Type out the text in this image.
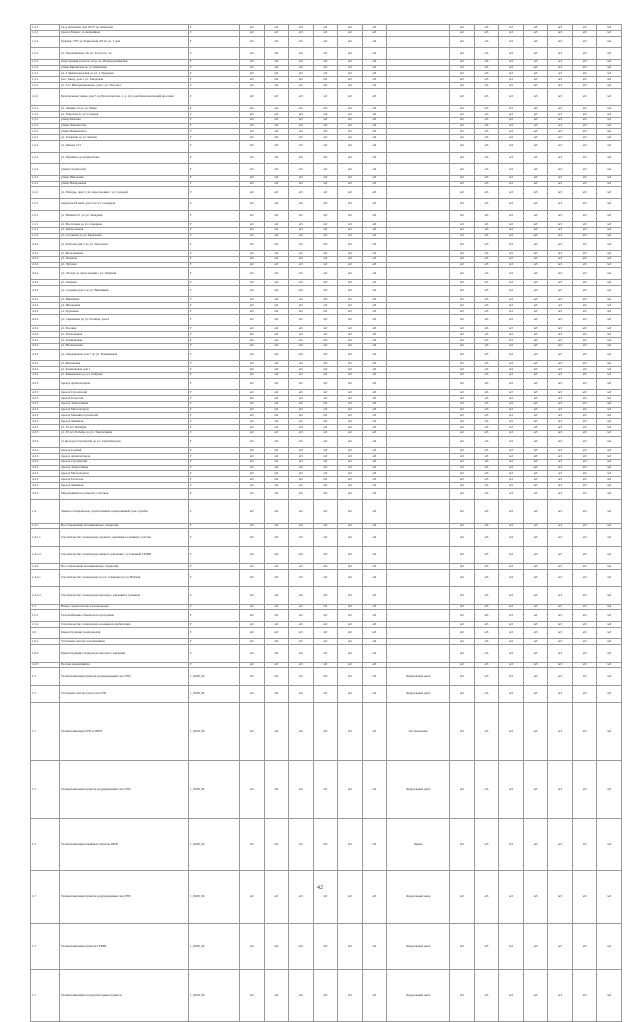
1.2.1	пр-д Антипова дом 18/37 до Анапская	Г	м3	м3	м3	м3	м3	м3		м3	м3	м3	м3	м3	м3	м3
1.2.1	проезд Бизнес до Аварийная	Г	м3	м3	м3	м3	м3	м3		м3	м3	м3	м3	м3	м3	м3
1.2.1	бульвар 1787 до Тормозной 2/8 по ул. 3 дом	Г	м3	м3	м3	м3	м3	м3		м3	м3	м3	м3	м3	м3	м3
1.2.1	ул. Хорошёвская, 40, ул. Толстого, 12	Г	м3	м3	м3	м3	м3	м3		м3	м3	м3	м3	м3	м3	м3
1.2.1	кадастровый участок 14 до ул. Новохорошёвская	Г	м3	м3	м3	м3	м3	м3		м3	м3	м3	м3	м3	м3	м3
1.2.1	улица Кировская до ул. Шевченко	Г	м3	м3	м3	м3	м3	м3		м3	м3	м3	м3	м3	м3	м3
1.2.1	ул. 3 Звенигородская до ул. 4 Трудовая	Г	м3	м3	м3	м3	м3	м3		м3	м3	м3	м3	м3	м3	м3
1.2.1	пос. Завод, дом 1 ул. Заводская	Г	м3	м3	м3	м3	м3	м3		м3	м3	м3	м3	м3	м3	м3
1.2.1	ул. 3-го Интернационала, дом 1 ул. Толстого	Г	м3	м3	м3	м3	м3	м3		м3	м3	м3	м3	м3	м3	м3
1.2.1	Центральная улица, дом 3 до Пролетарская, 1, д. 4/4, дом Комсомольский проспект	Г	м3	м3	м3	м3	м3	м3		м3	м3	м3	м3	м3	м3	м3
1.2.1	ул. Ленина 12 до ул. Мира	Г	м3	м3	м3	м3	м3	м3		м3	м3	м3	м3	м3	м3	м3
1.2.1	ул. Тверская до ул. Садовая	Г	м3	м3	м3	м3	м3	м3		м3	м3	м3	м3	м3	м3	м3
1.2.1	улица Каховка	Г	м3	м3	м3	м3	м3	м3		м3	м3	м3	м3	м3	м3	м3
1.2.1	улица Ломоносова	Г	м3	м3	м3	м3	м3	м3		м3	м3	м3	м3	м3	м3	м3
1.2.1	улица Маяковского	Г	м3	м3	м3	м3	м3	м3		м3	м3	м3	м3	м3	м3	м3
1.2.1	ул. Гагарина до ул. Чехова	Г	м3	м3	м3	м3	м3	м3		м3	м3	м3	м3	м3	м3	м3
1.2.1	ул. Чехова 15/1	Г	м3	м3	м3	м3	м3	м3		м3	м3	м3	м3	м3	м3	м3
1.2.1	ул. Пушкина до Лермонтова	Г	м3	м3	м3	м3	м3	м3		м3	м3	м3	м3	м3	м3	м3
1.2.1	улица Строителей	Г	м3	м3	м3	м3	м3	м3		м3	м3	м3	м3	м3	м3	м3
1.2.1	улица Школьная	Г	м3	м3	м3	м3	м3	м3		м3	м3	м3	м3	м3	м3	м3
1.2.1	улица Набережная	Г	м3	м3	м3	м3	м3	м3		м3	м3	м3	м3	м3	м3	м3
1.2.1	ул. Победы, дом 11 до пересечения с ул. Садовой	Г	м3	м3	м3	м3	м3	м3		м3	м3	м3	м3	м3	м3	м3
1.2.1	переулок Речной, дом 3 по ул. Северная	Г	м3	м3	м3	м3	м3	м3		м3	м3	м3	м3	м3	м3	м3
1.2.1	ул. Южная 2/1 до ул. Западная	Г	м3	м3	м3	м3	м3	м3		м3	м3	м3	м3	м3	м3	м3
1.2.1	ул. Восточная до ул. Северная	Г	м3	м3	м3	м3	м3	м3		м3	м3	м3	м3	м3	м3	м3
1.2.1	ул. Центральная	Г	м3	м3	м3	м3	м3	м3		м3	м3	м3	м3	м3	м3	м3
1.2.1	ул. Сосновая до ул. Берёзовая	Г	м3	м3	м3	м3	м3	м3		м3	м3	м3	м3	м3	м3	м3
4.3.2	ул. Рабочая дом 5 до ул. Заводская	Г	м3	м3	м3	м3	м3	м3		м3	м3	м3	м3	м3	м3	м3
4.3.2	ул. Молодёжная	Г	м3	м3	м3	м3	м3	м3		м3	м3	м3	м3	м3	м3	м3
4.3.2	ул. Полевая	Г	м3	м3	м3	м3	м3	м3		м3	м3	м3	м3	м3	м3	м3
4.3.2	ул. Луговая	Г	м3	м3	м3	м3	м3	м3		м3	м3	м3	м3	м3	м3	м3
4.3.2	ул. Лесная до пересечения с ул. Озёрной	Г	м3	м3	м3	м3	м3	м3		м3	м3	м3	м3	м3	м3	м3
4.3.2	ул. Озёрная	Г	м3	м3	м3	м3	м3	м3		м3	м3	м3	м3	м3	м3	м3
4.3.2	ул. Садовая дом 2 до ул. Вишнёвая	Г	м3	м3	м3	м3	м3	м3		м3	м3	м3	м3	м3	м3	м3
4.3.2	ул. Вишнёвая	Г	м3	м3	м3	м3	м3	м3		м3	м3	м3	м3	м3	м3	м3
4.3.2	ул. Яблоневая	Г	м3	м3	м3	м3	м3	м3		м3	м3	м3	м3	м3	м3	м3
4.3.2	ул. Грушевая	Г	м3	м3	м3	м3	м3	м3		м3	м3	м3	м3	м3	м3	м3
4.3.2	ул. Сиреневая до ул. Розовая, дом 4	Г	м3	м3	м3	м3	м3	м3		м3	м3	м3	м3	м3	м3	м3
4.3.2	ул. Розовая	Г	м3	м3	м3	м3	м3	м3		м3	м3	м3	м3	м3	м3	м3
4.3.2	ул. Тюльпанная	Г	м3	м3	м3	м3	м3	м3		м3	м3	м3	м3	м3	м3	м3
4.3.2	ул. Ромашковая	Г	м3	м3	м3	м3	м3	м3		м3	м3	м3	м3	м3	м3	м3
4.3.2	ул. Васильковая	Г	м3	м3	м3	м3	м3	м3		м3	м3	м3	м3	м3	м3	м3
4.3.2	ул. Ландышевая дом 7 до ул. Ромашковая	Г	м3	м3	м3	м3	м3	м3		м3	м3	м3	м3	м3	м3	м3
4.3.2	ул. Фиалковая	Г	м3	м3	м3	м3	м3	м3		м3	м3	м3	м3	м3	м3	м3
4.3.2	ул. Ромашковая дом 1	Г	м3	м3	м3	м3	м3	м3		м3	м3	м3	м3	м3	м3	м3
4.3.2	ул. Камышовая до ул. Озёрная	Г	м3	м3	м3	м3	м3	м3		м3	м3	м3	м3	м3	м3	м3
4.3.3	проезд Архитекторов	Г	м3	м3	м3	м3	м3	м3		м3	м3	м3	м3	м3	м3	м3
4.3.3	проезд Строителей	Г	м3	м3	м3	м3	м3	м3		м3	м3	м3	м3	м3	м3	м3
4.3.3	проезд Геологов	Г	м3	м3	м3	м3	м3	м3		м3	м3	м3	м3	м3	м3	м3
4.3.3	проезд Энергетиков	Г	м3	м3	м3	м3	м3	м3		м3	м3	м3	м3	м3	м3	м3
4.3.3	проезд Металлургов	Г	м3	м3	м3	м3	м3	м3		м3	м3	м3	м3	м3	м3	м3
4.3.3	проезд Машиностроителей	Г	м3	м3	м3	м3	м3	м3		м3	м3	м3	м3	м3	м3	м3
4.3.3	проезд Химиков	Г	м3	м3	м3	м3	м3	м3		м3	м3	м3	м3	м3	м3	м3
4.3.3	ул. 50 лет Октября	Г	м3	м3	м3	м3	м3	м3		м3	м3	м3	м3	м3	м3	м3
4.3.3	ул. 30 лет Победы до ул. Энергетиков	Г	м3	м3	м3	м3	м3	м3		м3	м3	м3	м3	м3	м3	м3
4.3.3	от проезда Строителей до ул. Архитекторов	Г	м3	м3	м3	м3	м3	м3		м3	м3	м3	м3	м3	м3	м3
4.3.3	проезд Горный	Г	м3	м3	м3	м3	м3	м3		м3	м3	м3	м3	м3	м3	м3
4.3.3	проезд Архитекторов	Г	м3	м3	м3	м3	м3	м3		м3	м3	м3	м3	м3	м3	м3
4.3.3	проезд Строителей	Г	м3	м3	м3	м3	м3	м3		м3	м3	м3	м3	м3	м3	м3
4.3.3	проезд Энергетиков	Г	м3	м3	м3	м3	м3	м3		м3	м3	м3	м3	м3	м3	м3
4.3.3	проезд Металлургов	Г	м3	м3	м3	м3	м3	м3		м3	м3	м3	м3	м3	м3	м3
4.3.3	проезд Геологов	Г	м3	м3	м3	м3	м3	м3		м3	м3	м3	м3	м3	м3	м3
4.3.3	проезд Химиков	Г	м3	м3	м3	м3	м3	м3		м3	м3	м3	м3	м3	м3	м3
4.3.3	Мероприятия по ремонту участков	Г	м3	м3	м3	м3	м3	м3		м3	м3	м3	м3	м3	м3	м3
1.4	Замена газопроводов, отработавших нормативный срок службы	Г	м3	м3	м3	м3	м3	м3		м3	м3	м3	м3	м3	м3	м3
1.4.1	Восстановление изоляционного покрытия	Г	м3	м3	м3	м3	м3	м3		м3	м3	м3	м3	м3	м3	м3
1.4.1.1	Строительство газопровода среднего давления в границах участка	Г	м3	м3	м3	м3	м3	м3		м3	м3	м3	м3	м3	м3	м3
1.4.1.2	Строительство газопровода низкого давления с установкой ГРПШ	Г	м3	м3	м3	м3	м3	м3		м3	м3	м3	м3	м3	м3	м3
1.4.2	Восстановление изоляционного покрытия	Г	м3	м3	м3	м3	м3	м3		м3	м3	м3	м3	м3	м3	м3
1.4.2.1	Строительство газопровода по ул. Северная до ул. Южная	Г	м3	м3	м3	м3	м3	м3		м3	м3	м3	м3	м3	м3	м3
1.4.2.2	Строительство газопровода высокого давления в границах	Г	м3	м3	м3	м3	м3	м3		м3	м3	м3	м3	м3	м3	м3
1.5	Новое строительство газопроводов	Г	м3	м3	м3	м3	м3	м3		м3	м3	м3	м3	м3	м3	м3
1.5.1	Газоснабжение объектов по программе	Г	м3	м3	м3	м3	м3	м3		м3	м3	м3	м3	м3	м3	м3
1.5.2	Строительство газопровода к новым потребителям	Г	м3	м3	м3	м3	м3	м3		м3	м3	м3	м3	м3	м3	м3
1.6	Реконструкция газопроводов	Г	м3	м3	м3	м3	м3	м3		м3	м3	м3	м3	м3	м3	м3
1.6.1	Установка систем телемеханики	Г	м3	м3	м3	м3	м3	м3		м3	м3	м3	м3	м3	м3	м3
1.6.2	Реконструкция газопровода высокого давления	Г	м3	м3	м3	м3	м3	м3		м3	м3	м3	м3	м3	м3	м3
1.6.3	Прочие мероприятия	Г	м3	м3	м3	м3	м3	м3		м3	м3	м3	м3	м3	м3	м3
1.7	Телемеханизация пунктов редуцирования газа ГРП	1_0028_06	м3	м3	м3	м3	м3	м3	Федеральный закон	м3	м3	м3	м3	м3	м3	м3
1.7	Установка систем учёта газа ГРП	1_0028_06	м3	м3	м3	м3	м3	м3	Федеральный закон	м3	м3	м3	м3	м3	м3	м3
1.7	Телемеханизация ГРП и ШРП	1_0028_06	м3	м3	м3	м3	м3	м3	Постановление	м3	м3	м3	м3	м3	м3	м3
1.7	Телемеханизация пунктов редуцирования газа ГРП	1_0028_06	м3	м3	м3	м3	м3	м3	Федеральный закон	м3	м3	м3	м3	м3	м3	м3
1.7	Телемеханизация шкафных пунктов ШРП	1_0028_06	м3	м3	м3	м3	м3	м3	Приказ	м3	м3	м3	м3	м3	м3	м3
1.7	Телемеханизация пунктов редуцирования газа ГРП	1_0028_06	м3	м3	м3	м3	м3	м3	Федеральный закон	м3	м3	м3	м3	м3	м3	м3
1.7	Телемеханизация пунктов ГРПШ	1_0028_06	м3	м3	м3	м3	м3	м3	Федеральный закон	м3	м3	м3	м3	м3	м3	м3
1.7	Телемеханизация газорегуляторных пунктов	1_0028_06	м3	м3	м3	м3	м3	м3	Федеральный закон	м3	м3	м3	м3	м3	м3	м3
42
